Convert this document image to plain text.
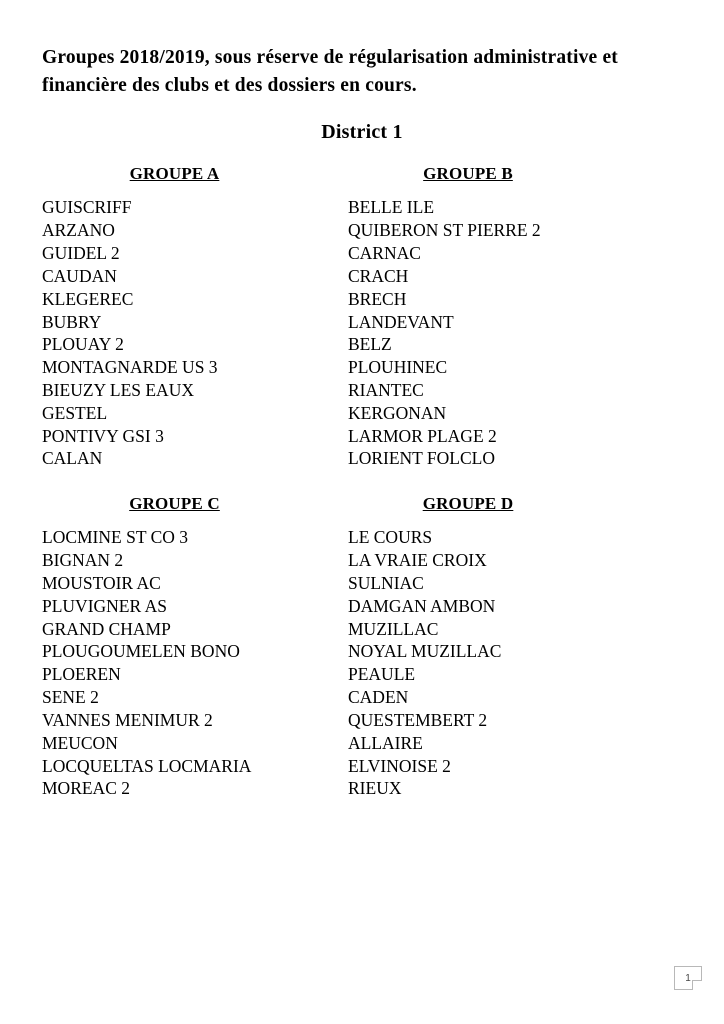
Groupes 2018/2019, sous réserve de régularisation administrative et financière des clubs et des dossiers en cours.
District 1
GROUPE A
GUISCRIFF
ARZANO
GUIDEL 2
CAUDAN
KLEGEREC
BUBRY
PLOUAY 2
MONTAGNARDE US 3
BIEUZY LES EAUX
GESTEL
PONTIVY GSI 3
CALAN
GROUPE B
BELLE ILE
QUIBERON ST PIERRE 2
CARNAC
CRACH
BRECH
LANDEVANT
BELZ
PLOUHINEC
RIANTEC
KERGONAN
LARMOR PLAGE 2
LORIENT FOLCLO
GROUPE C
LOCMINE ST CO 3
BIGNAN 2
MOUSTOIR AC
PLUVIGNER AS
GRAND CHAMP
PLOUGOUMELEN BONO
PLOEREN
SENE 2
VANNES MENIMUR 2
MEUCON
LOCQUELTAS LOCMARIA
MOREAC 2
GROUPE D
LE COURS
LA VRAIE CROIX
SULNIAC
DAMGAN AMBON
MUZILLAC
NOYAL MUZILLAC
PEAULE
CADEN
QUESTEMBERT 2
ALLAIRE
ELVINOISE 2
RIEUX
1
